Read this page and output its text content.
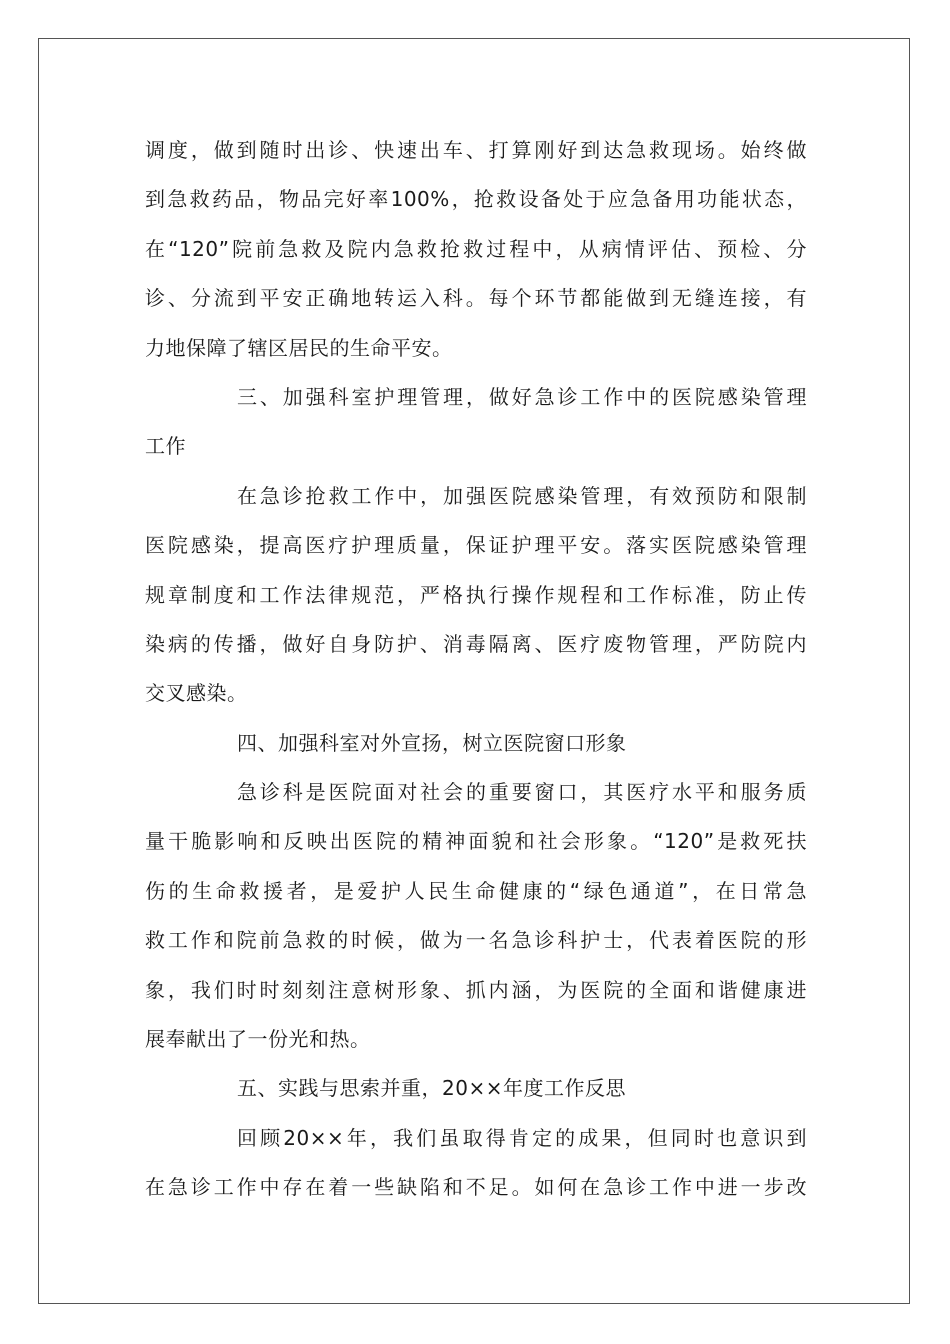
调度，做到随时出诊、快速出车、打算刚好到达急救现场。始终做
到急救药品，物品完好率100%，抢救设备处于应急备用功能状态，
在“120”院前急救及院内急救抢救过程中，从病情评估、预检、分
诊、分流到平安正确地转运入科。每个环节都能做到无缝连接，有
力地保障了辖区居民的生命平安。
三、加强科室护理管理，做好急诊工作中的医院感染管理
工作
在急诊抢救工作中，加强医院感染管理，有效预防和限制
医院感染，提高医疗护理质量，保证护理平安。落实医院感染管理
规章制度和工作法律规范，严格执行操作规程和工作标准，防止传
染病的传播，做好自身防护、消毒隔离、医疗废物管理，严防院内
交叉感染。
四、加强科室对外宣扬，树立医院窗口形象
急诊科是医院面对社会的重要窗口，其医疗水平和服务质
量干脆影响和反映出医院的精神面貌和社会形象。“120”是救死扶
伤的生命救援者，是爱护人民生命健康的“绿色通道”，在日常急
救工作和院前急救的时候，做为一名急诊科护士，代表着医院的形
象，我们时时刻刻注意树形象、抓内涵，为医院的全面和谐健康进
展奉献出了一份光和热。
五、实践与思索并重，20××年度工作反思
回顾20××年，我们虽取得肯定的成果，但同时也意识到
在急诊工作中存在着一些缺陷和不足。如何在急诊工作中进一步改
